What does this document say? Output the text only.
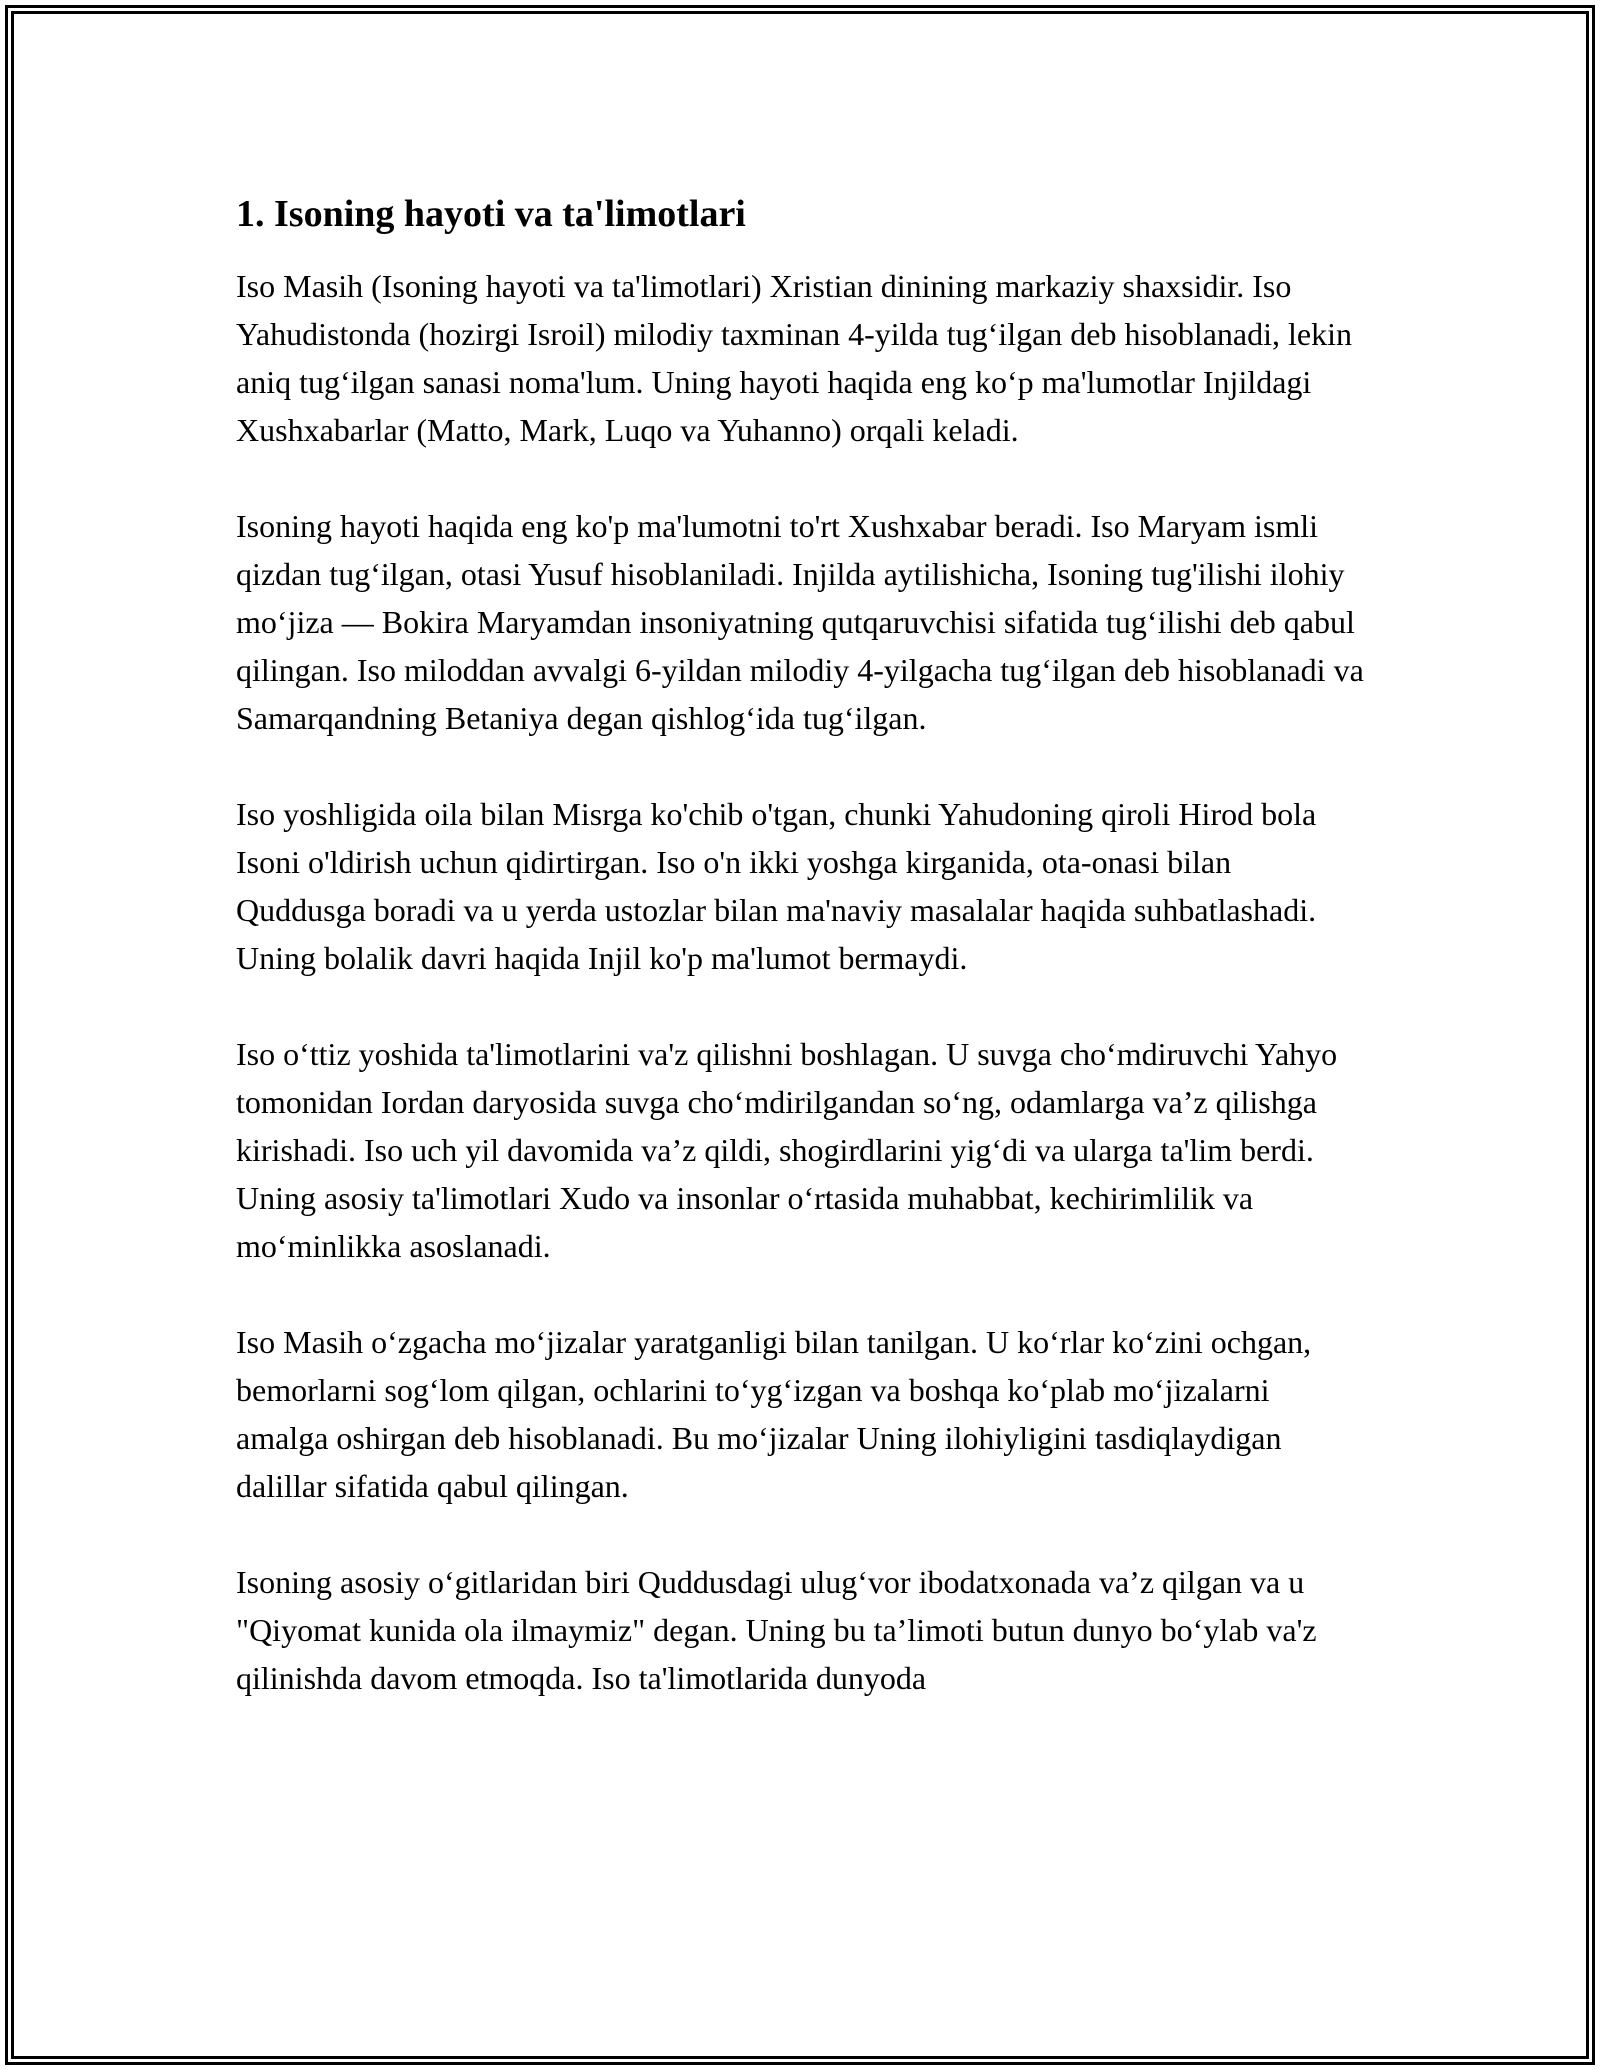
1. Isoning hayoti va ta'limotlari

Iso Masih (Isoning hayoti va ta'limotlari) Xristian dinining markaziy shaxsidir. Iso Yahudistonda (hozirgi Isroil) milodiy taxminan 4-yilda tug‘ilgan deb hisoblanadi, lekin aniq tug‘ilgan sanasi noma'lum. Uning hayoti haqida eng ko‘p ma'lumotlar Injildagi Xushxabarlar (Matto, Mark, Luqo va Yuhanno) orqali keladi.

Isoning hayoti haqida eng ko'p ma'lumotni to'rt Xushxabar beradi. Iso Maryam ismli qizdan tug‘ilgan, otasi Yusuf hisoblaniladi. Injilda aytilishicha, Isoning tug'ilishi ilohiy mo‘jiza — Bokira Maryamdan insoniyatning qutqaruvchisi sifatida tug‘ilishi deb qabul qilingan. Iso miloddan avvalgi 6-yildan milodiy 4-yilgacha tug‘ilgan deb hisoblanadi va Samarqandning Betaniya degan qishlog‘ida tug‘ilgan.

Iso yoshligida oila bilan Misrga ko'chib o'tgan, chunki Yahudoning qiroli Hirod bola Isoni o'ldirish uchun qidirtirgan. Iso o'n ikki yoshga kirganida, ota-onasi bilan Quddusga boradi va u yerda ustozlar bilan ma'naviy masalalar haqida suhbatlashadi. Uning bolalik davri haqida Injil ko'p ma'lumot bermaydi.

Iso o‘ttiz yoshida ta'limotlarini va'z qilishni boshlagan. U suvga cho‘mdiruvchi Yahyo tomonidan Iordan daryosida suvga cho‘mdirilgandan so‘ng, odamlarga va’z qilishga kirishadi. Iso uch yil davomida va’z qildi, shogirdlarini yig‘di va ularga ta'lim berdi. Uning asosiy ta'limotlari Xudo va insonlar o‘rtasida muhabbat, kechirimlilik va mo‘minlikka asoslanadi.

Iso Masih o‘zgacha mo‘jizalar yaratganligi bilan tanilgan. U ko‘rlar ko‘zini ochgan, bemorlarni sog‘lom qilgan, ochlarini to‘yg‘izgan va boshqa ko‘plab mo‘jizalarni amalga oshirgan deb hisoblanadi. Bu mo‘jizalar Uning ilohiyligini tasdiqlaydigan dalillar sifatida qabul qilingan.

Isoning asosiy o‘gitlaridan biri Quddusdagi ulug‘vor ibodatxonada va’z qilgan va u "Qiyomat kunida ola ilmaymiz" degan. Uning bu ta’limoti butun dunyo bo‘ylab va'z qilinishda davom etmoqda. Iso ta'limotlarida dunyoda
